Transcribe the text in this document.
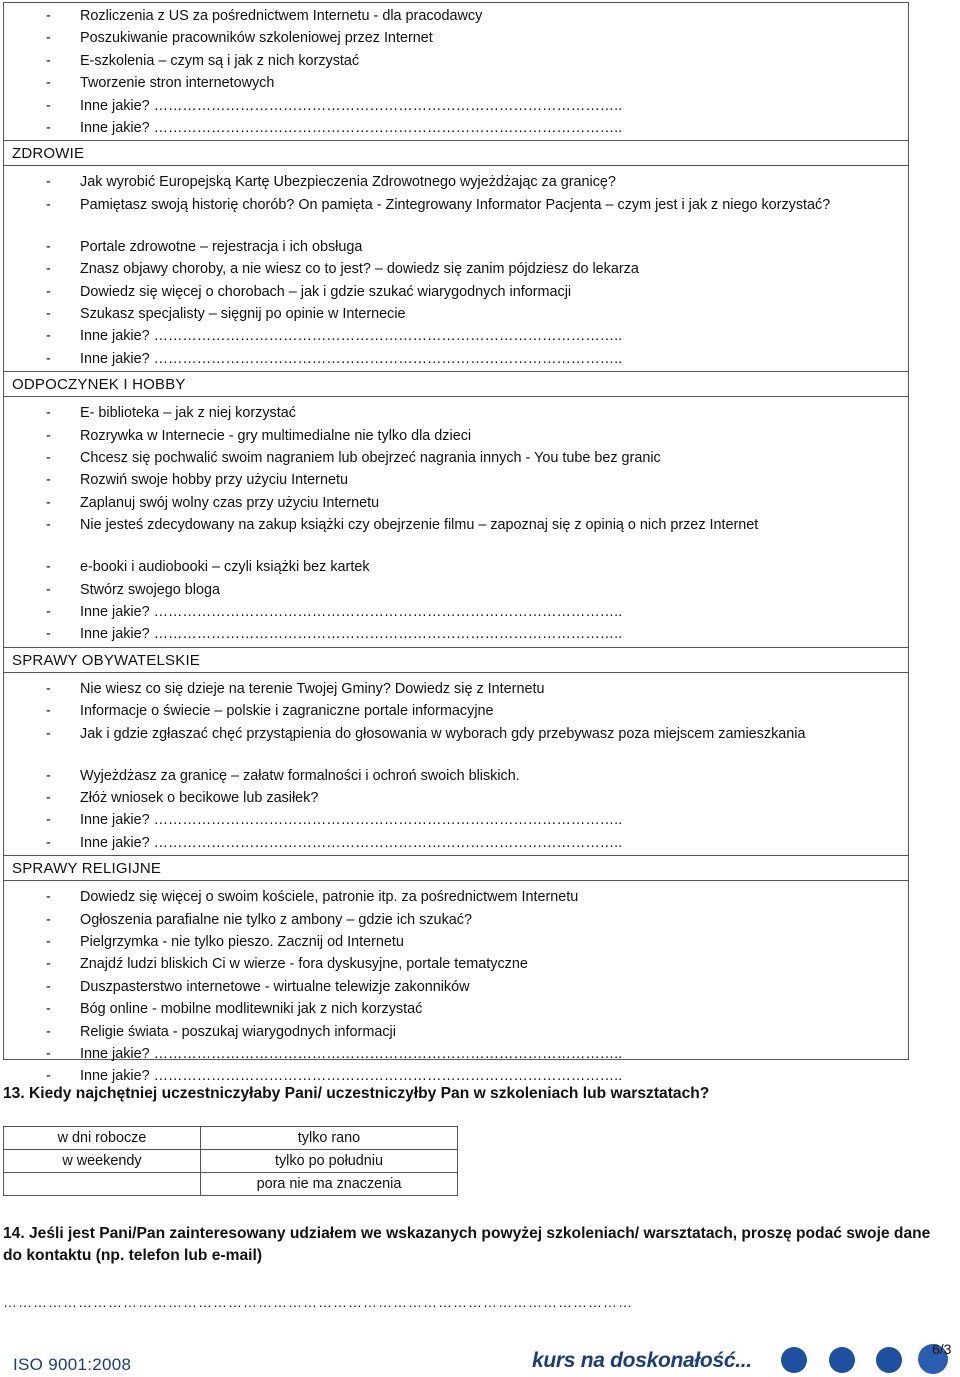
- Rozliczenia z US za pośrednictwem Internetu - dla pracodawcy
- Poszukiwanie pracowników szkoleniowej przez Internet
- E-szkolenia – czym są i jak z nich korzystać
- Tworzenie stron internetowych
- Inne jakie? ……………………………………………………………………………………..
- Inne jakie? ……………………………………………………………………………………..
ZDROWIE
- Jak wyrobić Europejską Kartę Ubezpieczenia Zdrowotnego wyjeżdżając za granicę?
- Pamiętasz swoją historię chorób? On pamięta - Zintegrowany Informator Pacjenta – czym jest i jak z niego korzystać?
- Portale zdrowotne – rejestracja i ich obsługa
- Znasz objawy choroby, a nie wiesz co to jest? – dowiedz się zanim pójdziesz do lekarza
- Dowiedz się więcej o chorobach – jak i gdzie szukać wiarygodnych informacji
- Szukasz specjalisty – sięgnij po opinie w Internecie
- Inne jakie? ……………………………………………………………………………………..
- Inne jakie? ……………………………………………………………………………………..
ODPOCZYNEK I HOBBY
- E- biblioteka – jak z niej korzystać
- Rozrywka w Internecie - gry multimedialne nie tylko dla dzieci
- Chcesz się pochwalić swoim nagraniem lub obejrzeć nagrania innych - You tube bez granic
- Rozwiń swoje hobby przy użyciu Internetu
- Zaplanuj swój wolny czas przy użyciu Internetu
- Nie jesteś zdecydowany na zakup książki czy obejrzenie filmu – zapoznaj się z opinią o nich przez Internet
- e-booki i audiobooki – czyli książki bez kartek
- Stwórz swojego bloga
- Inne jakie? ……………………………………………………………………………………..
- Inne jakie? ……………………………………………………………………………………..
SPRAWY OBYWATELSKIE
- Nie wiesz co się dzieje na terenie Twojej Gminy? Dowiedz się z Internetu
- Informacje o świecie – polskie i zagraniczne portale informacyjne
- Jak i gdzie zgłaszać chęć przystąpienia do głosowania w wyborach gdy przebywasz poza miejscem zamieszkania
- Wyjeżdżasz za granicę – załatw formalności i ochroń swoich bliskich.
- Złóż wniosek o becikowe lub zasiłek?
- Inne jakie? ……………………………………………………………………………………..
- Inne jakie? ……………………………………………………………………………………..
SPRAWY RELIGIJNE
- Dowiedz się więcej o swoim kościele, patronie itp. za pośrednictwem Internetu
- Ogłoszenia parafialne nie tylko z ambony – gdzie ich szukać?
- Pielgrzymka - nie tylko pieszo. Zacznij od Internetu
- Znajdź ludzi bliskich Ci w wierze - fora dyskusyjne, portale tematyczne
- Duszpasterstwo internetowe - wirtualne telewizje zakonników
- Bóg online - mobilne modlitewniki jak z nich korzystać
- Religie świata - poszukaj wiarygodnych informacji
- Inne jakie? ……………………………………………………………………………………..
- Inne jakie? ……………………………………………………………………………………..
13. Kiedy najchętniej uczestniczyłaby Pani/ uczestniczyłby Pan w szkoleniach lub warsztatach?
w dni robocze	tylko rano
w weekendy	tylko po południu
	pora nie ma znaczenia
14. Jeśli jest Pani/Pan zainteresowany udziałem we wskazanych powyżej szkoleniach/ warsztatach, proszę podać swoje dane do kontaktu (np. telefon lub e-mail)
………………………………………………………………………………………………………………
ISO 9001:2008	kurs na doskonałość...	6/3
